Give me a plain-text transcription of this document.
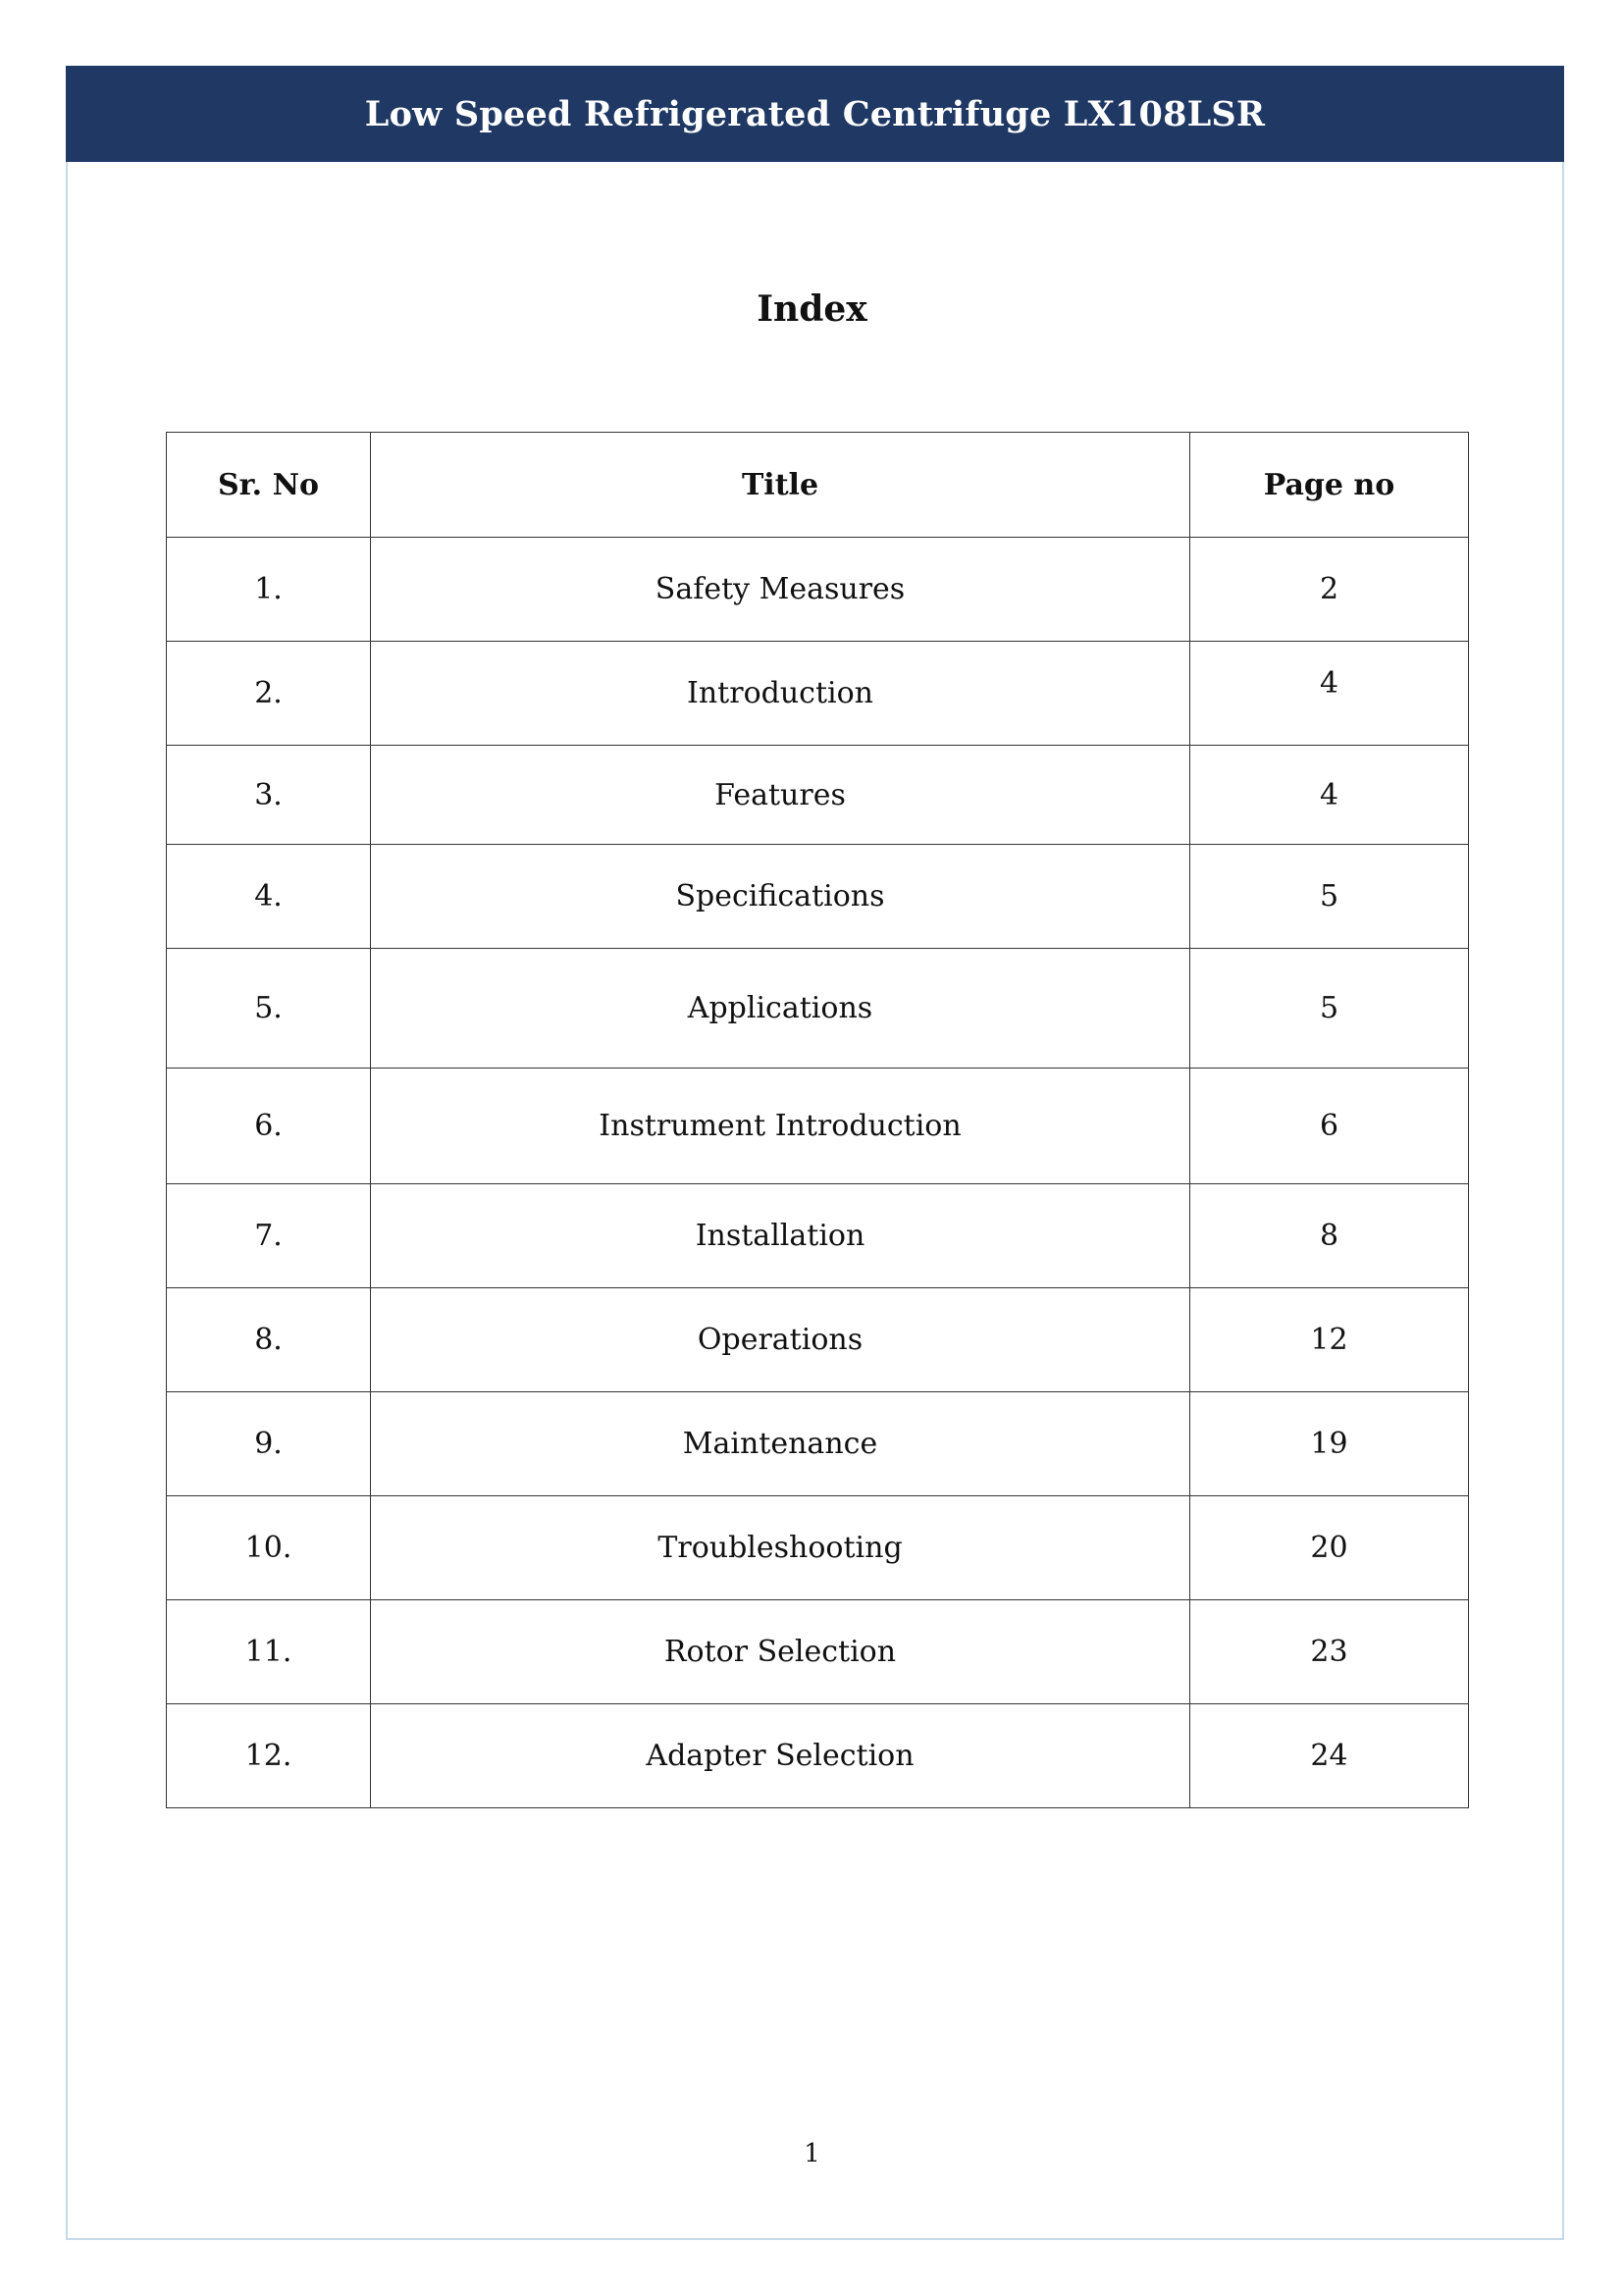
Low Speed Refrigerated Centrifuge LX108LSR
Index
Sr. No	Title	Page no
1.	Safety Measures	2
2.	Introduction	4
3.	Features	4
4.	Specifications	5
5.	Applications	5
6.	Instrument Introduction	6
7.	Installation	8
8.	Operations	12
9.	Maintenance	19
10.	Troubleshooting	20
11.	Rotor Selection	23
12.	Adapter Selection	24
1
